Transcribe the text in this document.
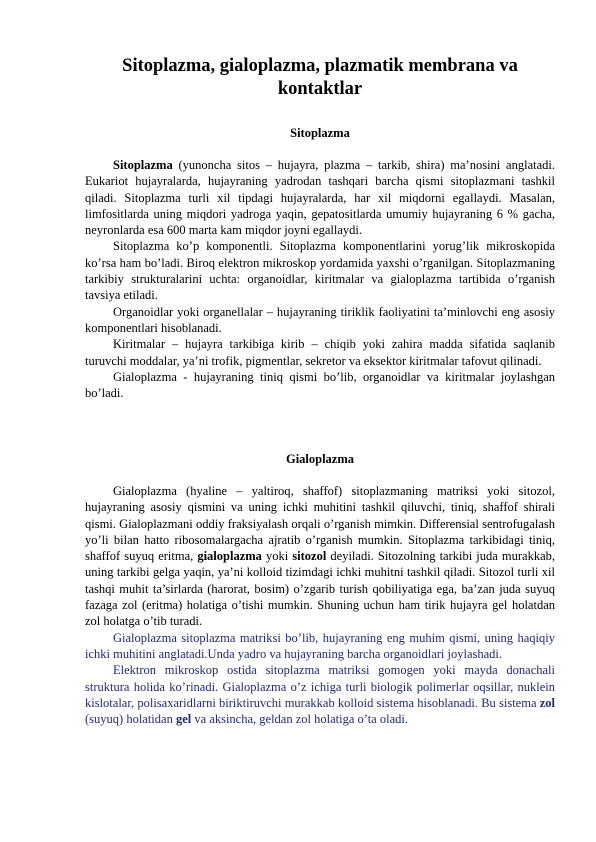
Sitoplazma, gialoplazma, plazmatik membrana va kontaktlar
Sitoplazma

Sitoplazma (yunoncha sitos – hujayra, plazma – tarkib, shira) ma’nosini anglatadi. Eukariot hujayralarda, hujayraning yadrodan tashqari barcha qismi sitoplazmani tashkil qiladi. Sitoplazma turli xil tipdagi hujayralarda, har xil miqdorni egallaydi. Masalan, limfositlarda uning miqdori yadroga yaqin, gepatositlarda umumiy hujayraning 6 % gacha, neyronlarda esa 600 marta kam miqdor joyni egallaydi.

Sitoplazma ko’p komponentli. Sitoplazma komponentlarini yorug’lik mikroskopida ko’rsa ham bo’ladi. Biroq elektron mikroskop yordamida yaxshi o’rganilgan. Sitoplazmaning tarkibiy strukturalarini uchta: organoidlar, kiritmalar va gialoplazma tartibida o’rganish tavsiya etiladi.

Organoidlar yoki organellalar – hujayraning tiriklik faoliyatini ta’minlovchi eng asosiy komponentlari hisoblanadi.

Kiritmalar – hujayra tarkibiga kirib – chiqib yoki zahira madda sifatida saqlanib turuvchi moddalar, ya’ni trofik, pigmentlar, sekretor va eksektor kiritmalar tafovut qilinadi.

Gialoplazma - hujayraning tiniq qismi bo’lib, organoidlar va kiritmalar joylashgan bo’ladi.

Gialoplazma

Gialoplazma (hyaline – yaltiroq, shaffof) sitoplazmaning matriksi yoki sitozol, hujayraning asosiy qismini va uning ichki muhitini tashkil qiluvchi, tiniq, shaffof shirali qismi. Gialoplazmani oddiy fraksiyalash orqali o’rganish mimkin. Differensial sentrofugalash yo’li bilan hatto ribosomalargacha ajratib o’rganish mumkin. Sitoplazma tarkibidagi tiniq, shaffof suyuq eritma, gialoplazma yoki sitozol deyiladi. Sitozolning tarkibi juda murakkab, uning tarkibi gelga yaqin, ya’ni kolloid tizimdagi ichki muhitni tashkil qiladi. Sitozol turli xil tashqi muhit ta’sirlarda (harorat, bosim) o’zgarib turish qobiliyatiga ega, ba’zan juda suyuq fazaga zol (eritma) holatiga o’tishi mumkin. Shuning uchun ham tirik hujayra gel holatdan zol holatga o’tib turadi.

Gialoplazma sitoplazma matriksi bo’lib, hujayraning eng muhim qismi, uning haqiqiy ichki muhitini anglatadi.Unda yadro va hujayraning barcha organoidlari joylashadi.

Elektron mikroskop ostida sitoplazma matriksi gomogen yoki mayda donachali struktura holida ko’rinadi. Gialoplazma o’z ichiga turli biologik polimerlar oqsillar, nuklein kislotalar, polisaxaridlarni biriktiruvchi murakkab kolloid sistema hisoblanadi. Bu sistema zol (suyuq) holatidan gel va aksincha, geldan zol holatiga o’ta oladi.
